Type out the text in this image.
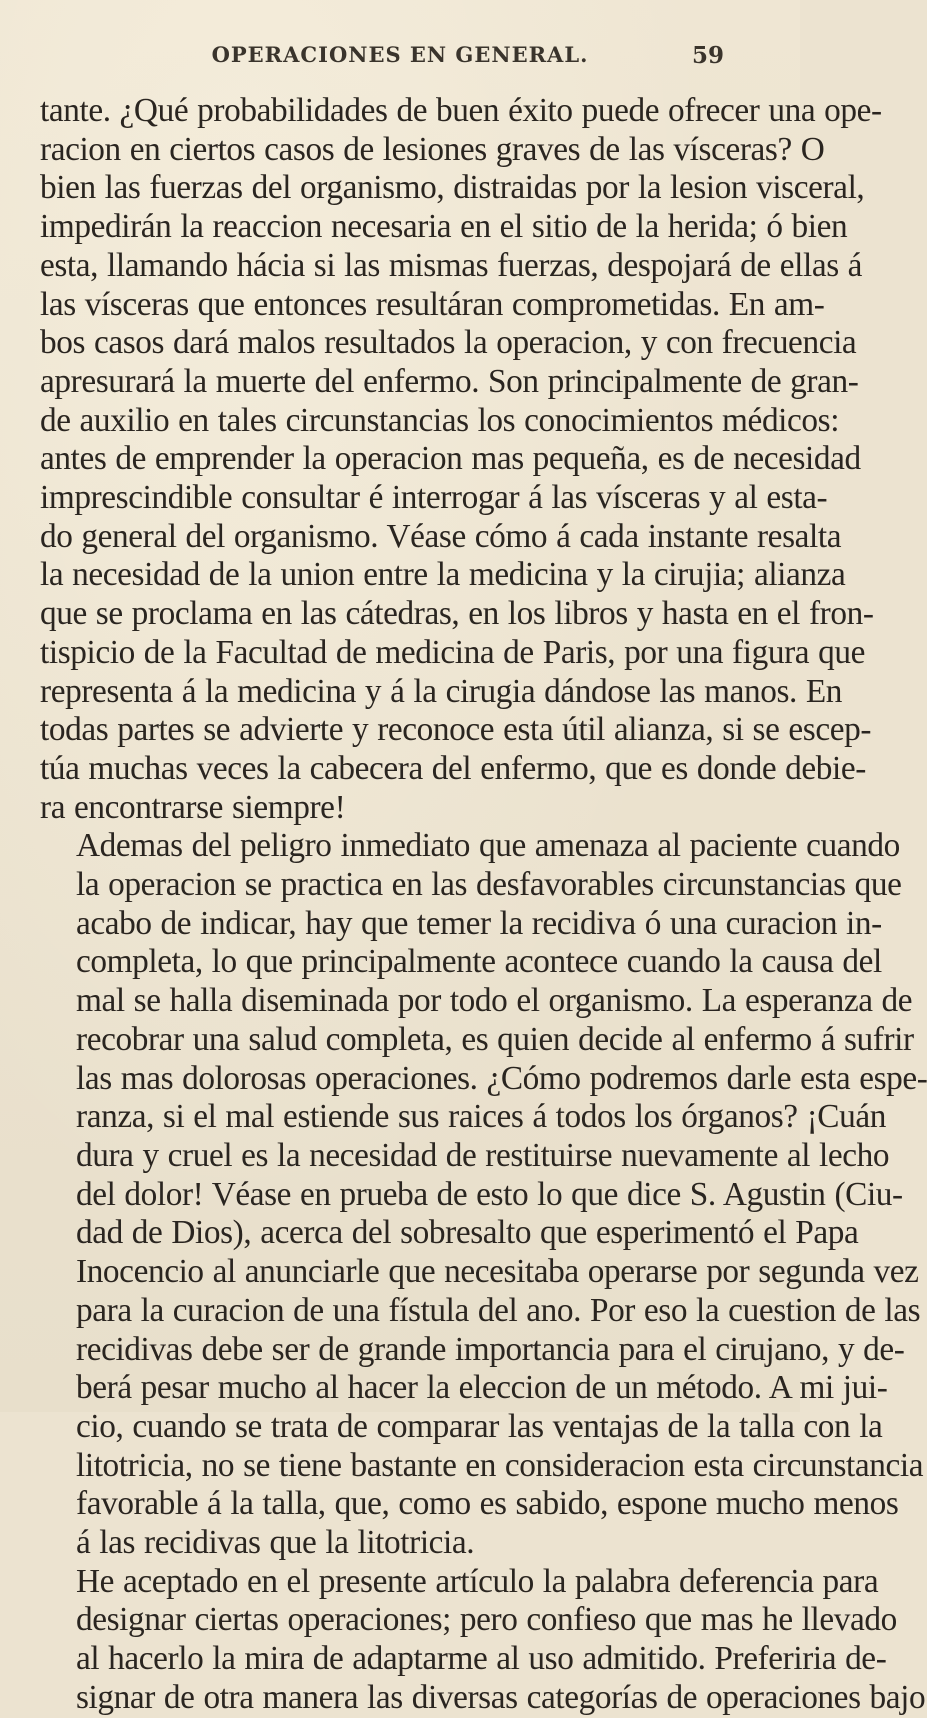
OPERACIONES EN GENERAL.	59

tante. ¿Qué probabilidades de buen éxito puede ofrecer una ope-
racion en ciertos casos de lesiones graves de las vísceras? O
bien las fuerzas del organismo, distraidas por la lesion visceral,
impedirán la reaccion necesaria en el sitio de la herida; ó bien
esta, llamando hácia si las mismas fuerzas, despojará de ellas á
las vísceras que entonces resultáran comprometidas. En am-
bos casos dará malos resultados la operacion, y con frecuencia
apresurará la muerte del enfermo. Son principalmente de gran-
de auxilio en tales circunstancias los conocimientos médicos:
antes de emprender la operacion mas pequeña, es de necesidad
imprescindible consultar é interrogar á las vísceras y al esta-
do general del organismo. Véase cómo á cada instante resalta
la necesidad de la union entre la medicina y la cirujia; alianza
que se proclama en las cátedras, en los libros y hasta en el fron-
tispicio de la Facultad de medicina de Paris, por una figura que
representa á la medicina y á la cirugia dándose las manos. En
todas partes se advierte y reconoce esta útil alianza, si se escep-
túa muchas veces la cabecera del enfermo, que es donde debie-
ra encontrarse siempre!

Ademas del peligro inmediato que amenaza al paciente cuando
la operacion se practica en las desfavorables circunstancias que
acabo de indicar, hay que temer la recidiva ó una curacion in-
completa, lo que principalmente acontece cuando la causa del
mal se halla diseminada por todo el organismo. La esperanza de
recobrar una salud completa, es quien decide al enfermo á sufrir
las mas dolorosas operaciones. ¿Cómo podremos darle esta espe-
ranza, si el mal estiende sus raices á todos los órganos? ¡Cuán
dura y cruel es la necesidad de restituirse nuevamente al lecho
del dolor! Véase en prueba de esto lo que dice S. Agustin (Ciu-
dad de Dios), acerca del sobresalto que esperimentó el Papa
Inocencio al anunciarle que necesitaba operarse por segunda vez
para la curacion de una fístula del ano. Por eso la cuestion de las
recidivas debe ser de grande importancia para el cirujano, y de-
berá pesar mucho al hacer la eleccion de un método. A mi jui-
cio, cuando se trata de comparar las ventajas de la talla con la
litotricia, no se tiene bastante en consideracion esta circunstancia
favorable á la talla, que, como es sabido, espone mucho menos
á las recidivas que la litotricia.

He aceptado en el presente artículo la palabra deferencia para
designar ciertas operaciones; pero confieso que mas he llevado
al hacerlo la mira de adaptarme al uso admitido. Preferiria de-
signar de otra manera las diversas categorías de operaciones bajo
